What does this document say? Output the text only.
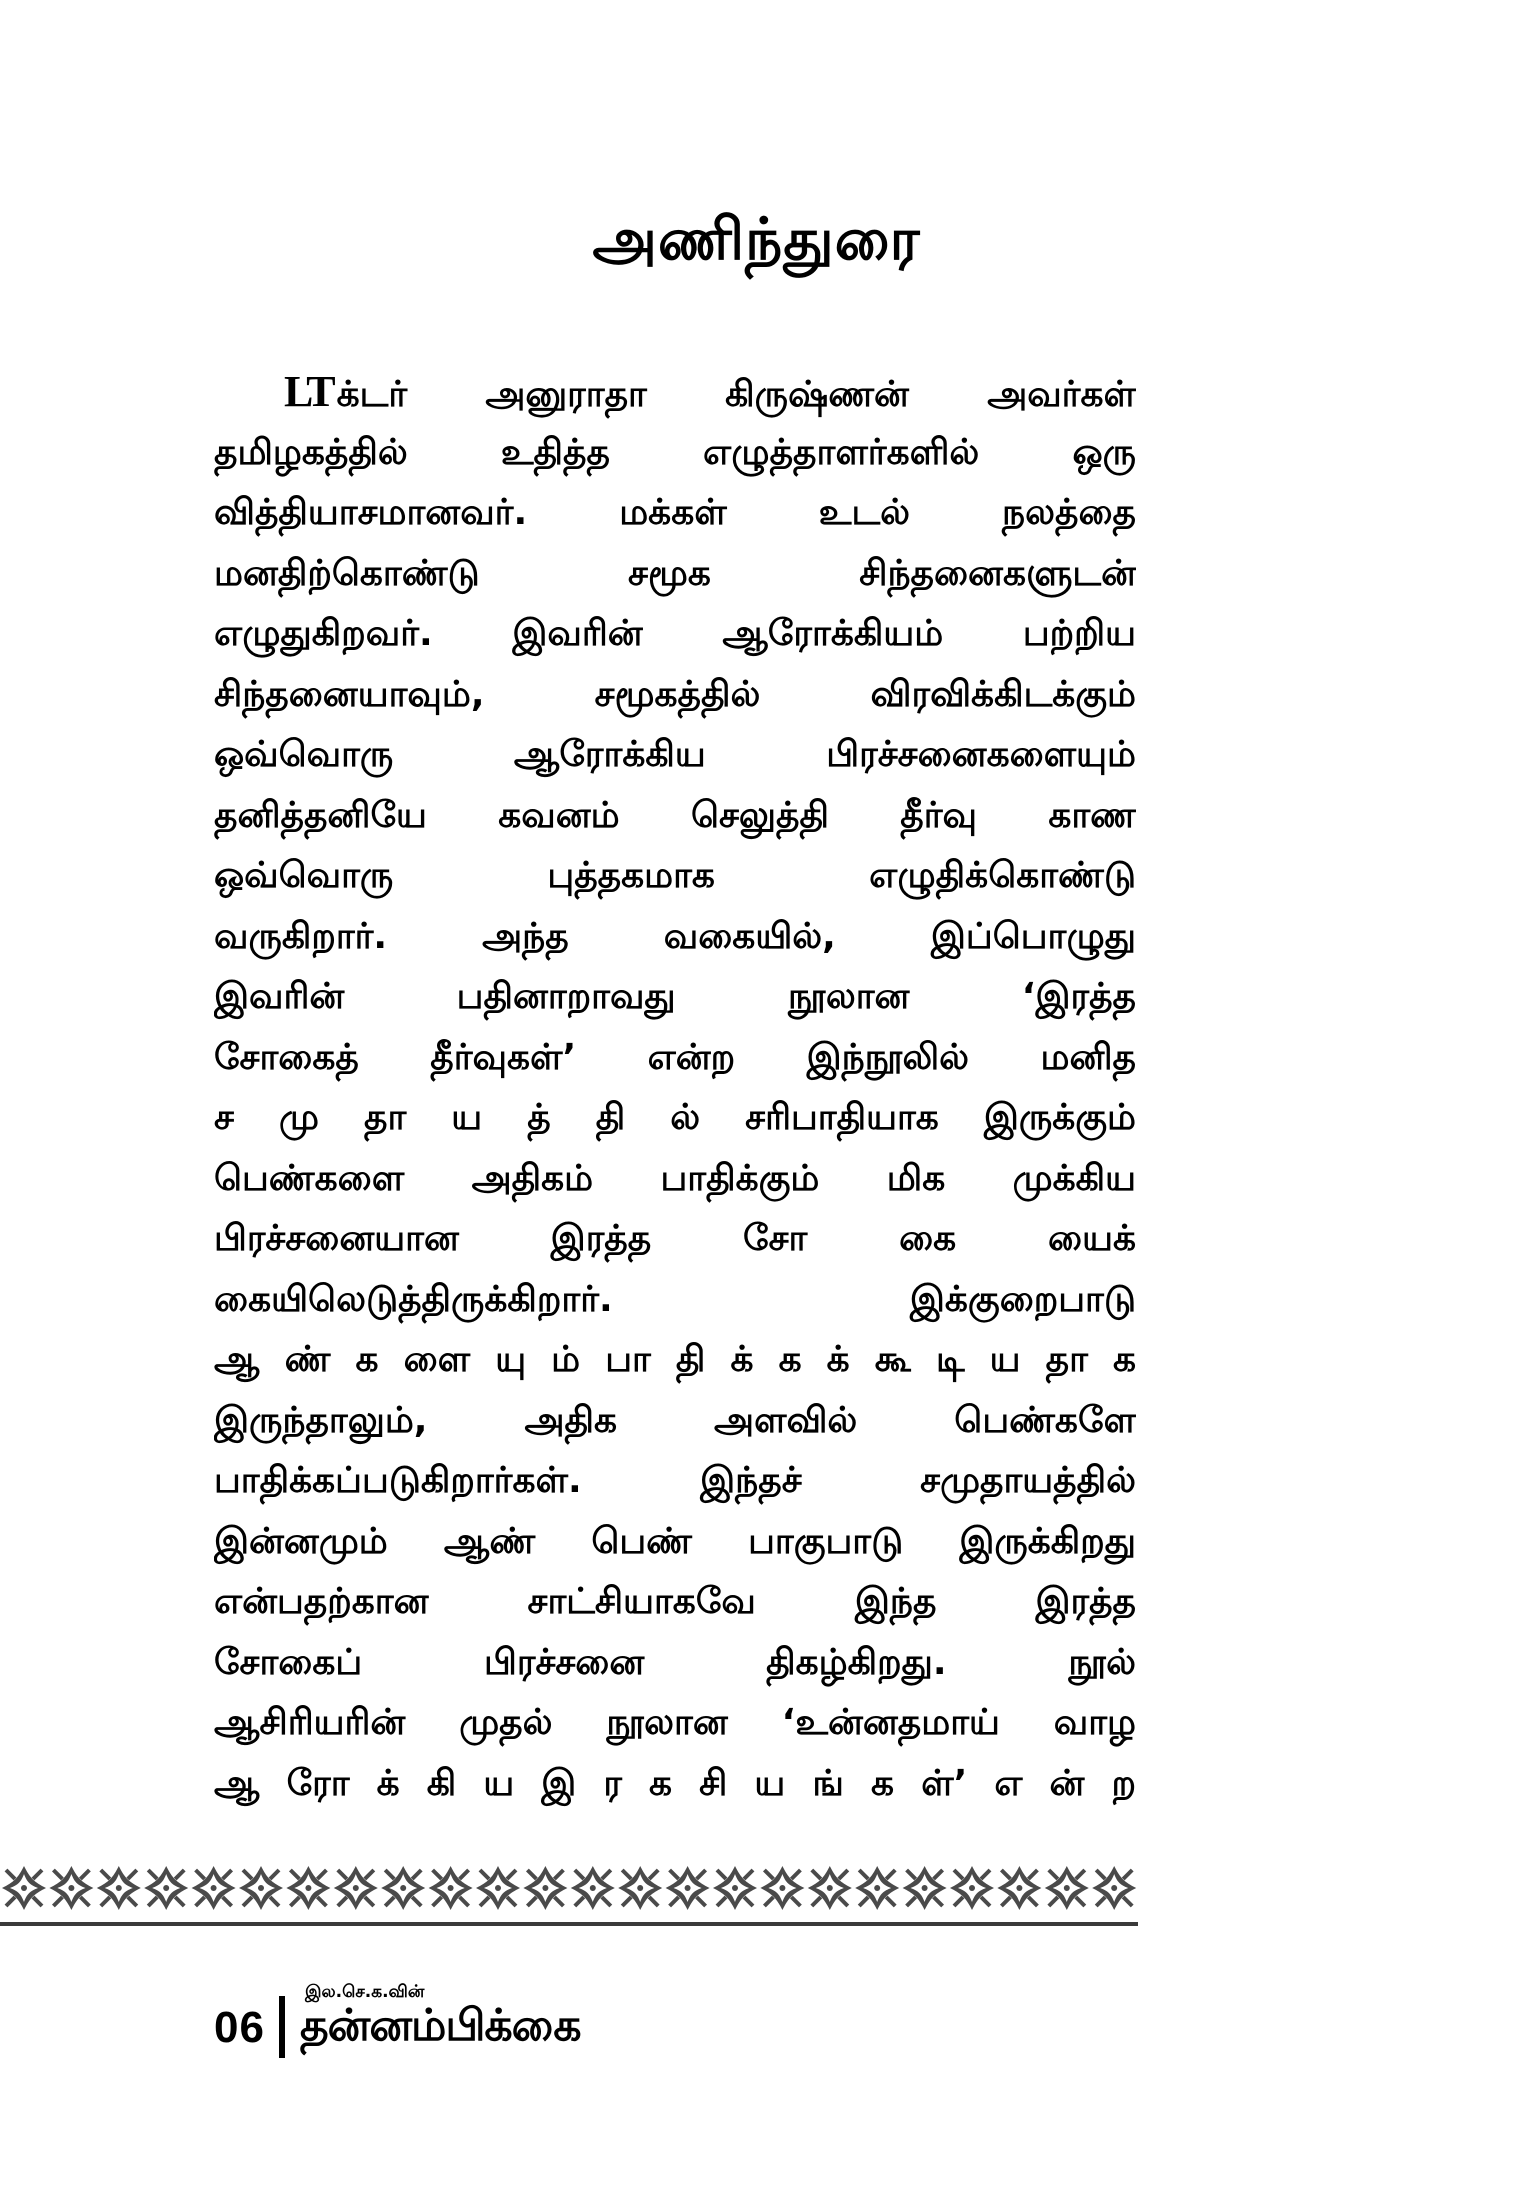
அணிந்துரை
LT க்டர் அனுராதா கிருஷ்ணன் அவர்கள்
தமிழகத்தில் உதித்த எழுத்தாளர்களில் ஒரு
வித்தியாசமானவர். மக்கள் உடல் நலத்தை
மனதிற்கொண்டு சமூக சிந்தனைகளுடன்
எழுதுகிறவர். இவரின் ஆரோக்கியம் பற்றிய
சிந்தனையாவும், சமூகத்தில் விரவிக்கிடக்கும்
ஒவ்வொரு ஆரோக்கிய பிரச்சனைகளையும்
தனித்தனியே கவனம் செலுத்தி தீர்வு காண
ஒவ்வொரு புத்தகமாக எழுதிக்கொண்டு
வருகிறார். அந்த வகையில், இப்பொழுது
இவரின் பதினாறாவது நூலான ‘இரத்த
சோகைத் தீர்வுகள்’ என்ற இந்நூலில் மனித
ச மு தா ய த் தி ல் சரிபாதியாக இருக்கும்
பெண்களை அதிகம் பாதிக்கும் மிக முக்கிய
பிரச்சனையான இரத்த சோ கை யைக்
கையிலெடுத்திருக்கிறார். இக்குறைபாடு
ஆ ண் க ளை யு ம் பா தி க் க க் கூ டி ய தா க
இருந்தாலும், அதிக அளவில் பெண்களே
பாதிக்கப்படுகிறார்கள். இந்தச் சமுதாயத்தில்
இன்னமும் ஆண் பெண் பாகுபாடு இருக்கிறது
என்பதற்கான சாட்சியாகவே இந்த இரத்த
சோகைப் பிரச்சனை திகழ்கிறது. நூல்
ஆசிரியரின் முதல் நூலான ‘உன்னதமாய் வாழ
ஆ ரோ க் கி ய இ ர க சி ய ங் க ள்’ எ ன் ற
இல.செ.க.வின்
06 தன்னம்பிக்கை
